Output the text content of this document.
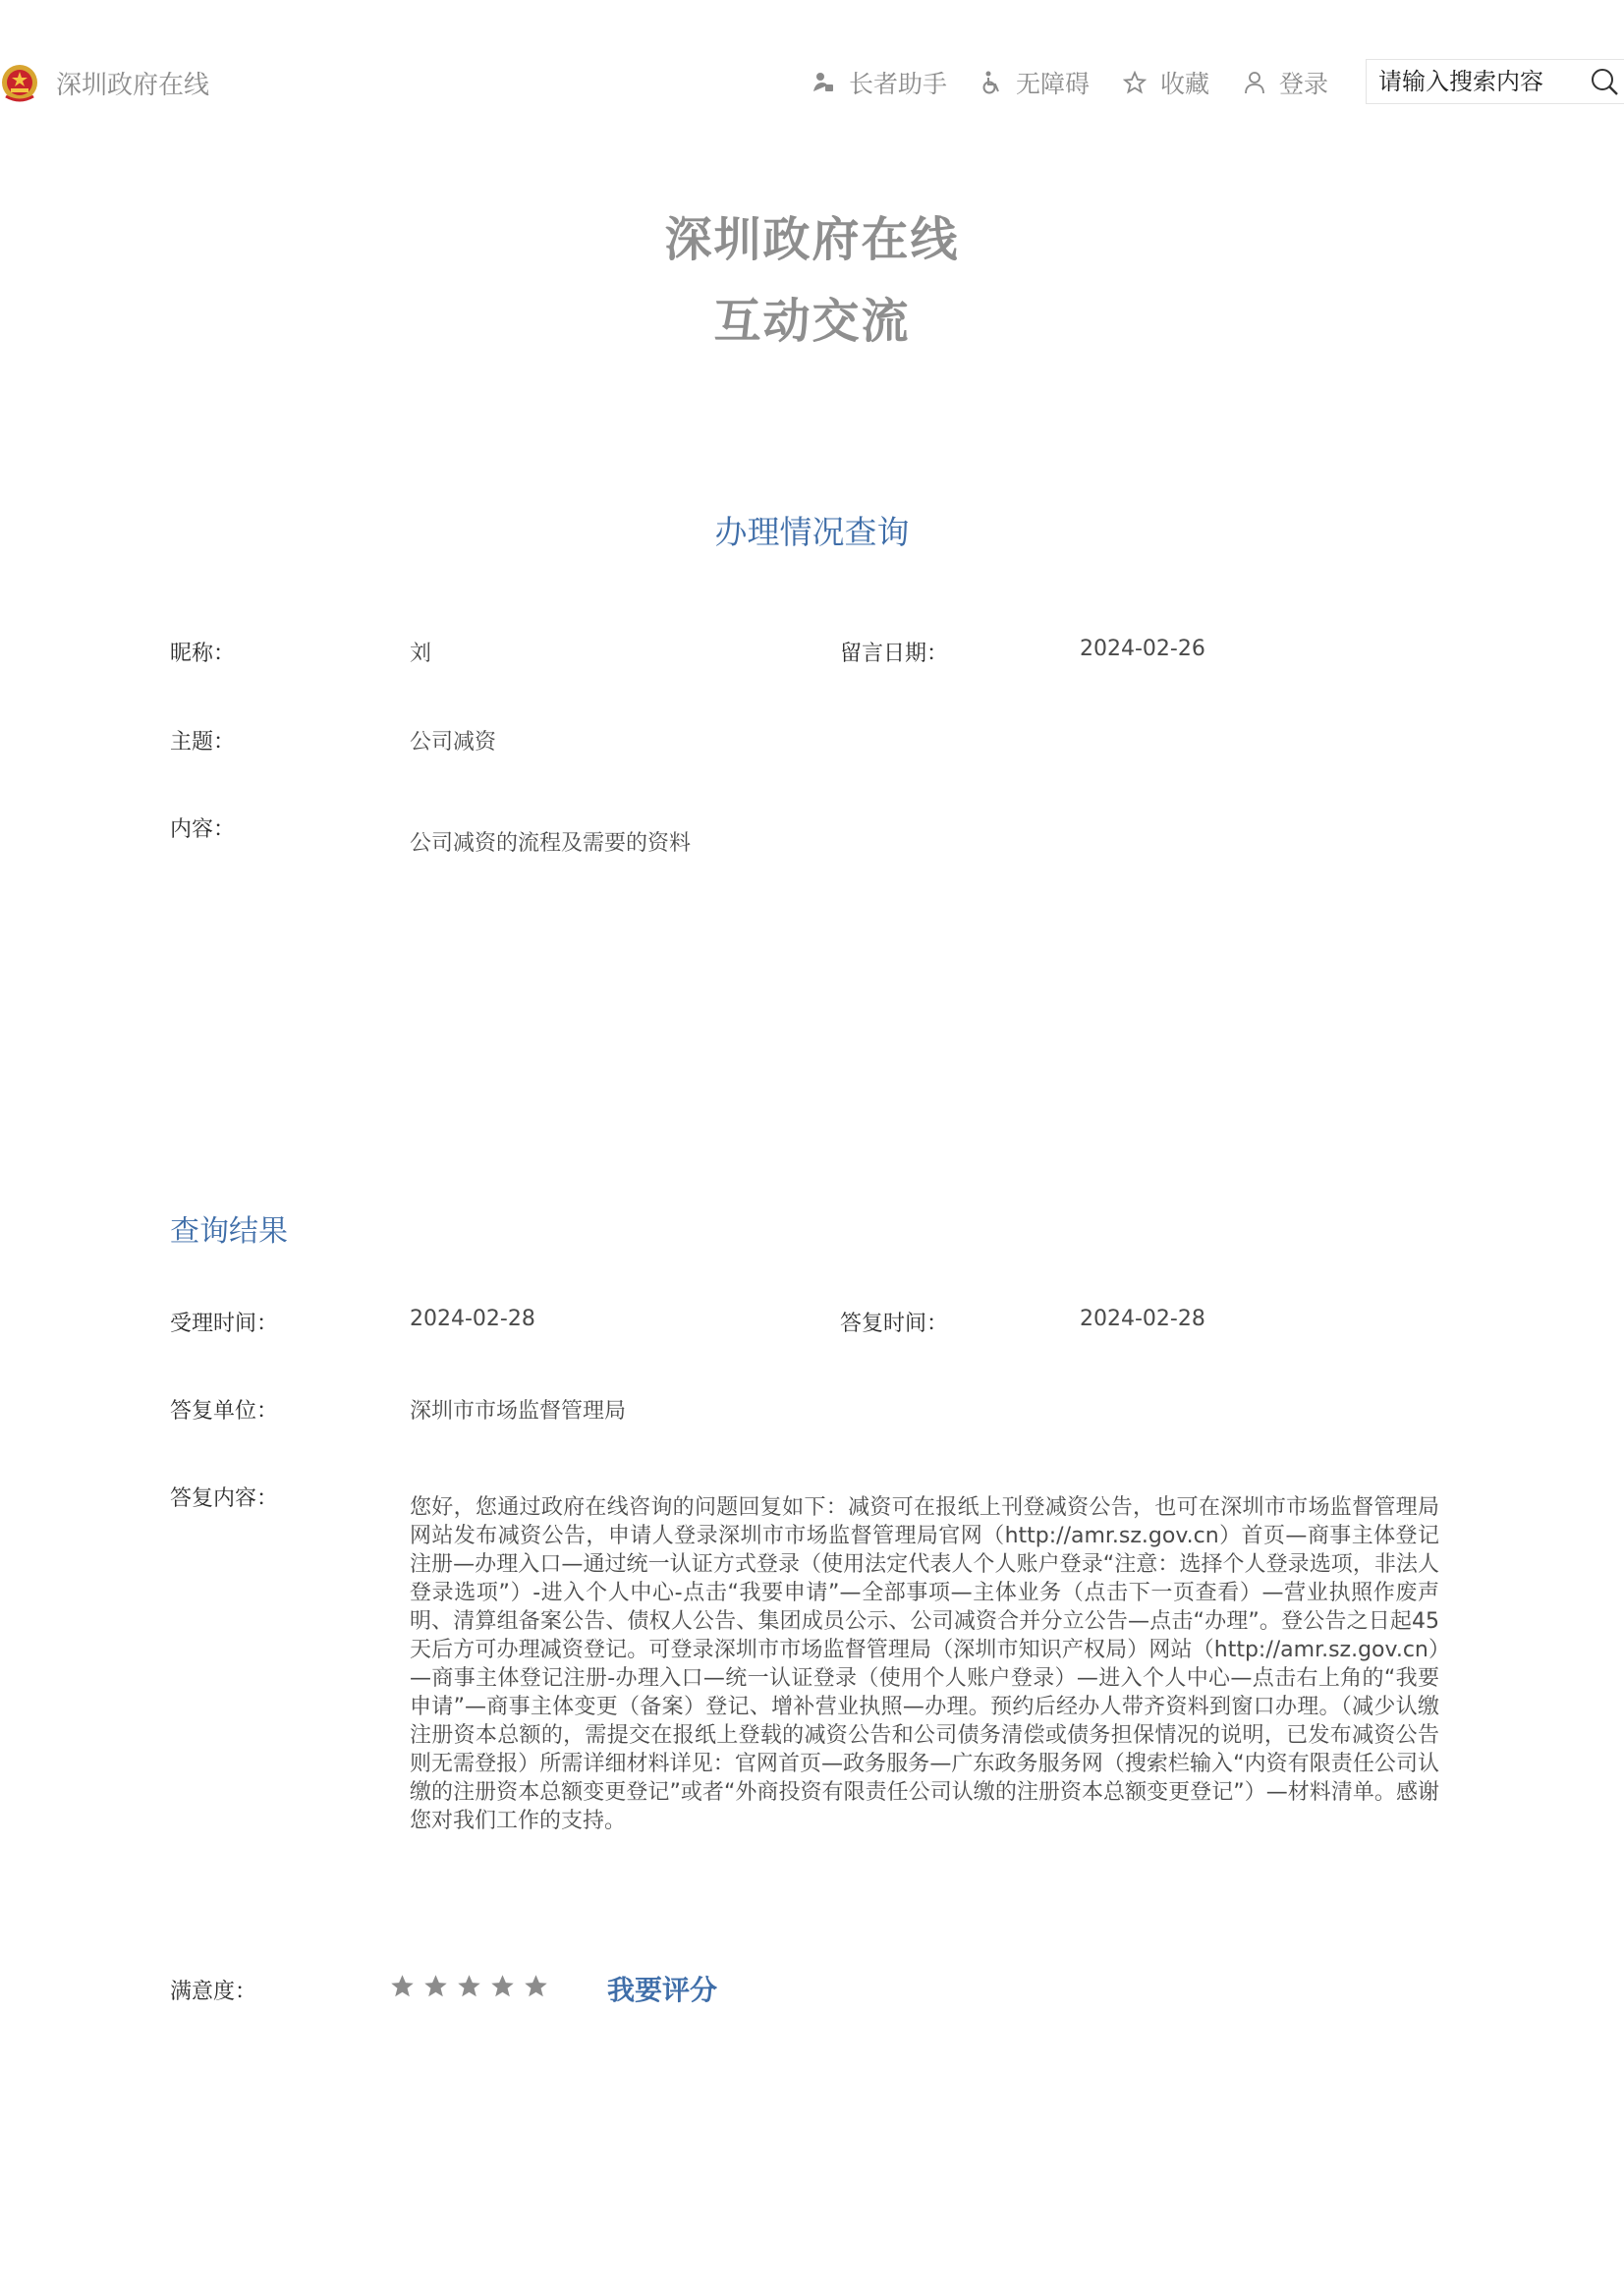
深圳政府在线	长者助手	无障碍	收藏	登录
请输入搜索内容
深圳政府在线
互动交流
办理情况查询
昵称：	刘	留言日期：	2024-02-26
主题：	公司减资
内容：
公司减资的流程及需要的资料
查询结果
受理时间：	2024-02-28	答复时间：	2024-02-28
答复单位：	深圳市市场监督管理局
答复内容：	您好，您通过政府在线咨询的问题回复如下：减资可在报纸上刊登减资公告，也可在深圳市市场监督管理局网站发布减资公告，申请人登录深圳市市场监督管理局官网（http://amr.sz.gov.cn）首页—商事主体登记注册—办理入口—通过统一认证方式登录（使用法定代表人个人账户登录“注意：选择个人登录选项，非法人登录选项”）-进入个人中心-点击“我要申请”—全部事项—主体业务（点击下一页查看）—营业执照作废声明、清算组备案公告、债权人公告、集团成员公示、公司减资合并分立公告—点击“办理”。登公告之日起45天后方可办理减资登记。可登录深圳市市场监督管理局（深圳市知识产权局）网站（http://amr.sz.gov.cn）—商事主体登记注册-办理入口—统一认证登录（使用个人账户登录）—进入个人中心—点击右上角的“我要申请”—商事主体变更（备案）登记、增补营业执照—办理。预约后经办人带齐资料到窗口办理。（减少认缴注册资本总额的，需提交在报纸上登载的减资公告和公司债务清偿或债务担保情况的说明，已发布减资公告则无需登报）所需详细材料详见：官网首页—政务服务—广东政务服务网（搜索栏输入“内资有限责任公司认缴的注册资本总额变更登记”或者“外商投资有限责任公司认缴的注册资本总额变更登记”）—材料清单。感谢您对我们工作的支持。
满意度：	我要评分
